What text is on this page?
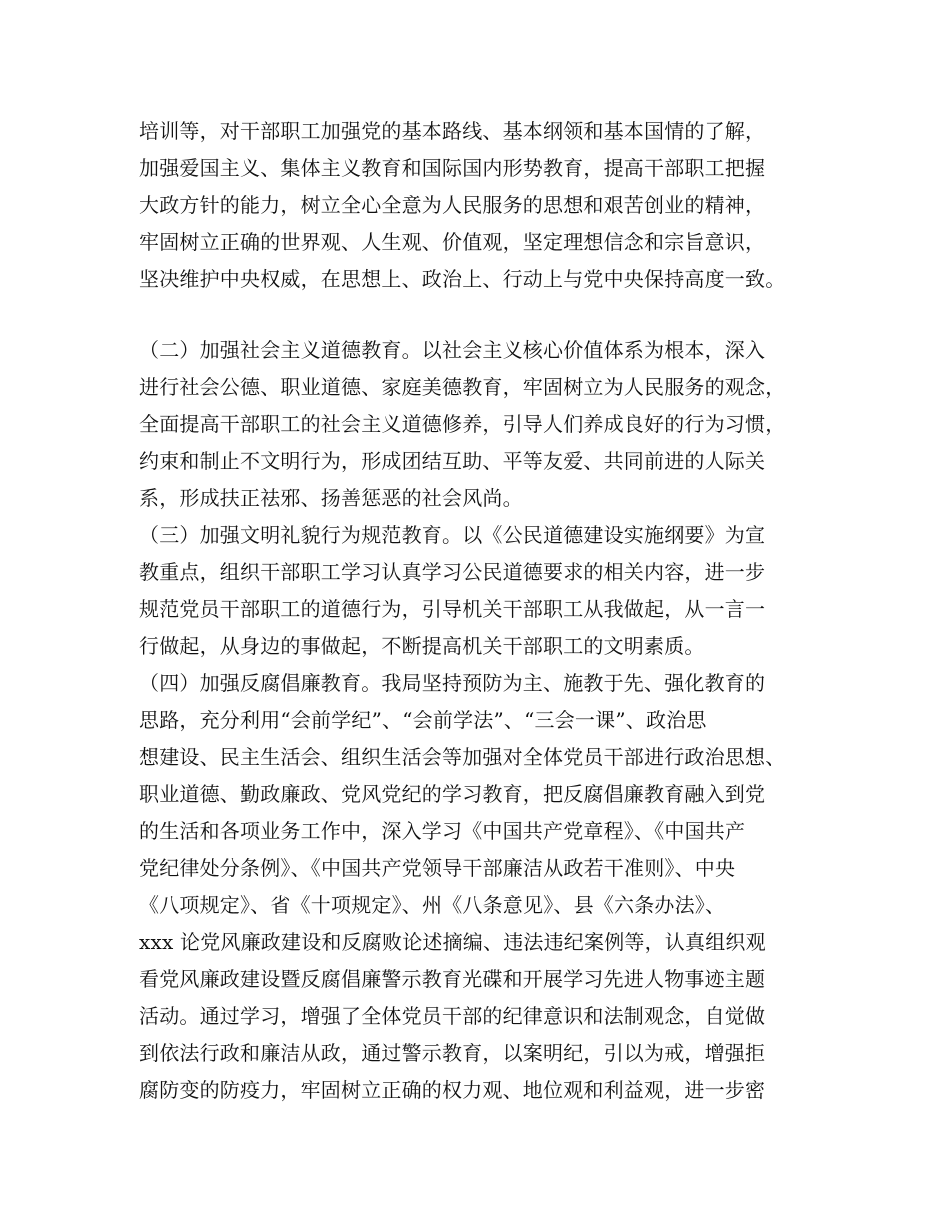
培训等，对干部职工加强党的基本路线、基本纲领和基本国情的了解，
加强爱国主义、集体主义教育和国际国内形势教育，提高干部职工把握
大政方针的能力，树立全心全意为人民服务的思想和艰苦创业的精神，
牢固树立正确的世界观、人生观、价值观，坚定理想信念和宗旨意识，
坚决维护中央权威，在思想上、政治上、行动上与党中央保持高度一致。
（二）加强社会主义道德教育。以社会主义核心价值体系为根本，深入
进行社会公德、职业道德、家庭美德教育，牢固树立为人民服务的观念，
全面提高干部职工的社会主义道德修养，引导人们养成良好的行为习惯，
约束和制止不文明行为，形成团结互助、平等友爱、共同前进的人际关
系，形成扶正祛邪、扬善惩恶的社会风尚。
（三）加强文明礼貌行为规范教育。以《公民道德建设实施纲要》为宣
教重点，组织干部职工学习认真学习公民道德要求的相关内容，进一步
规范党员干部职工的道德行为，引导机关干部职工从我做起，从一言一
行做起，从身边的事做起，不断提高机关干部职工的文明素质。
（四）加强反腐倡廉教育。我局坚持预防为主、施教于先、强化教育的
思路，充分利用“会前学纪”、“会前学法”、“三会一课”、政治思
想建设、民主生活会、组织生活会等加强对全体党员干部进行政治思想、
职业道德、勤政廉政、党风党纪的学习教育，把反腐倡廉教育融入到党
的生活和各项业务工作中，深入学习《中国共产党章程》、《中国共产
党纪律处分条例》、《中国共产党领导干部廉洁从政若干准则》、中央
《八项规定》、省《十项规定》、州《八条意见》、县《六条办法》、
xxx 论党风廉政建设和反腐败论述摘编、违法违纪案例等，认真组织观
看党风廉政建设暨反腐倡廉警示教育光碟和开展学习先进人物事迹主题
活动。通过学习，增强了全体党员干部的纪律意识和法制观念，自觉做
到依法行政和廉洁从政，通过警示教育，以案明纪，引以为戒，增强拒
腐防变的防疫力，牢固树立正确的权力观、地位观和利益观，进一步密
